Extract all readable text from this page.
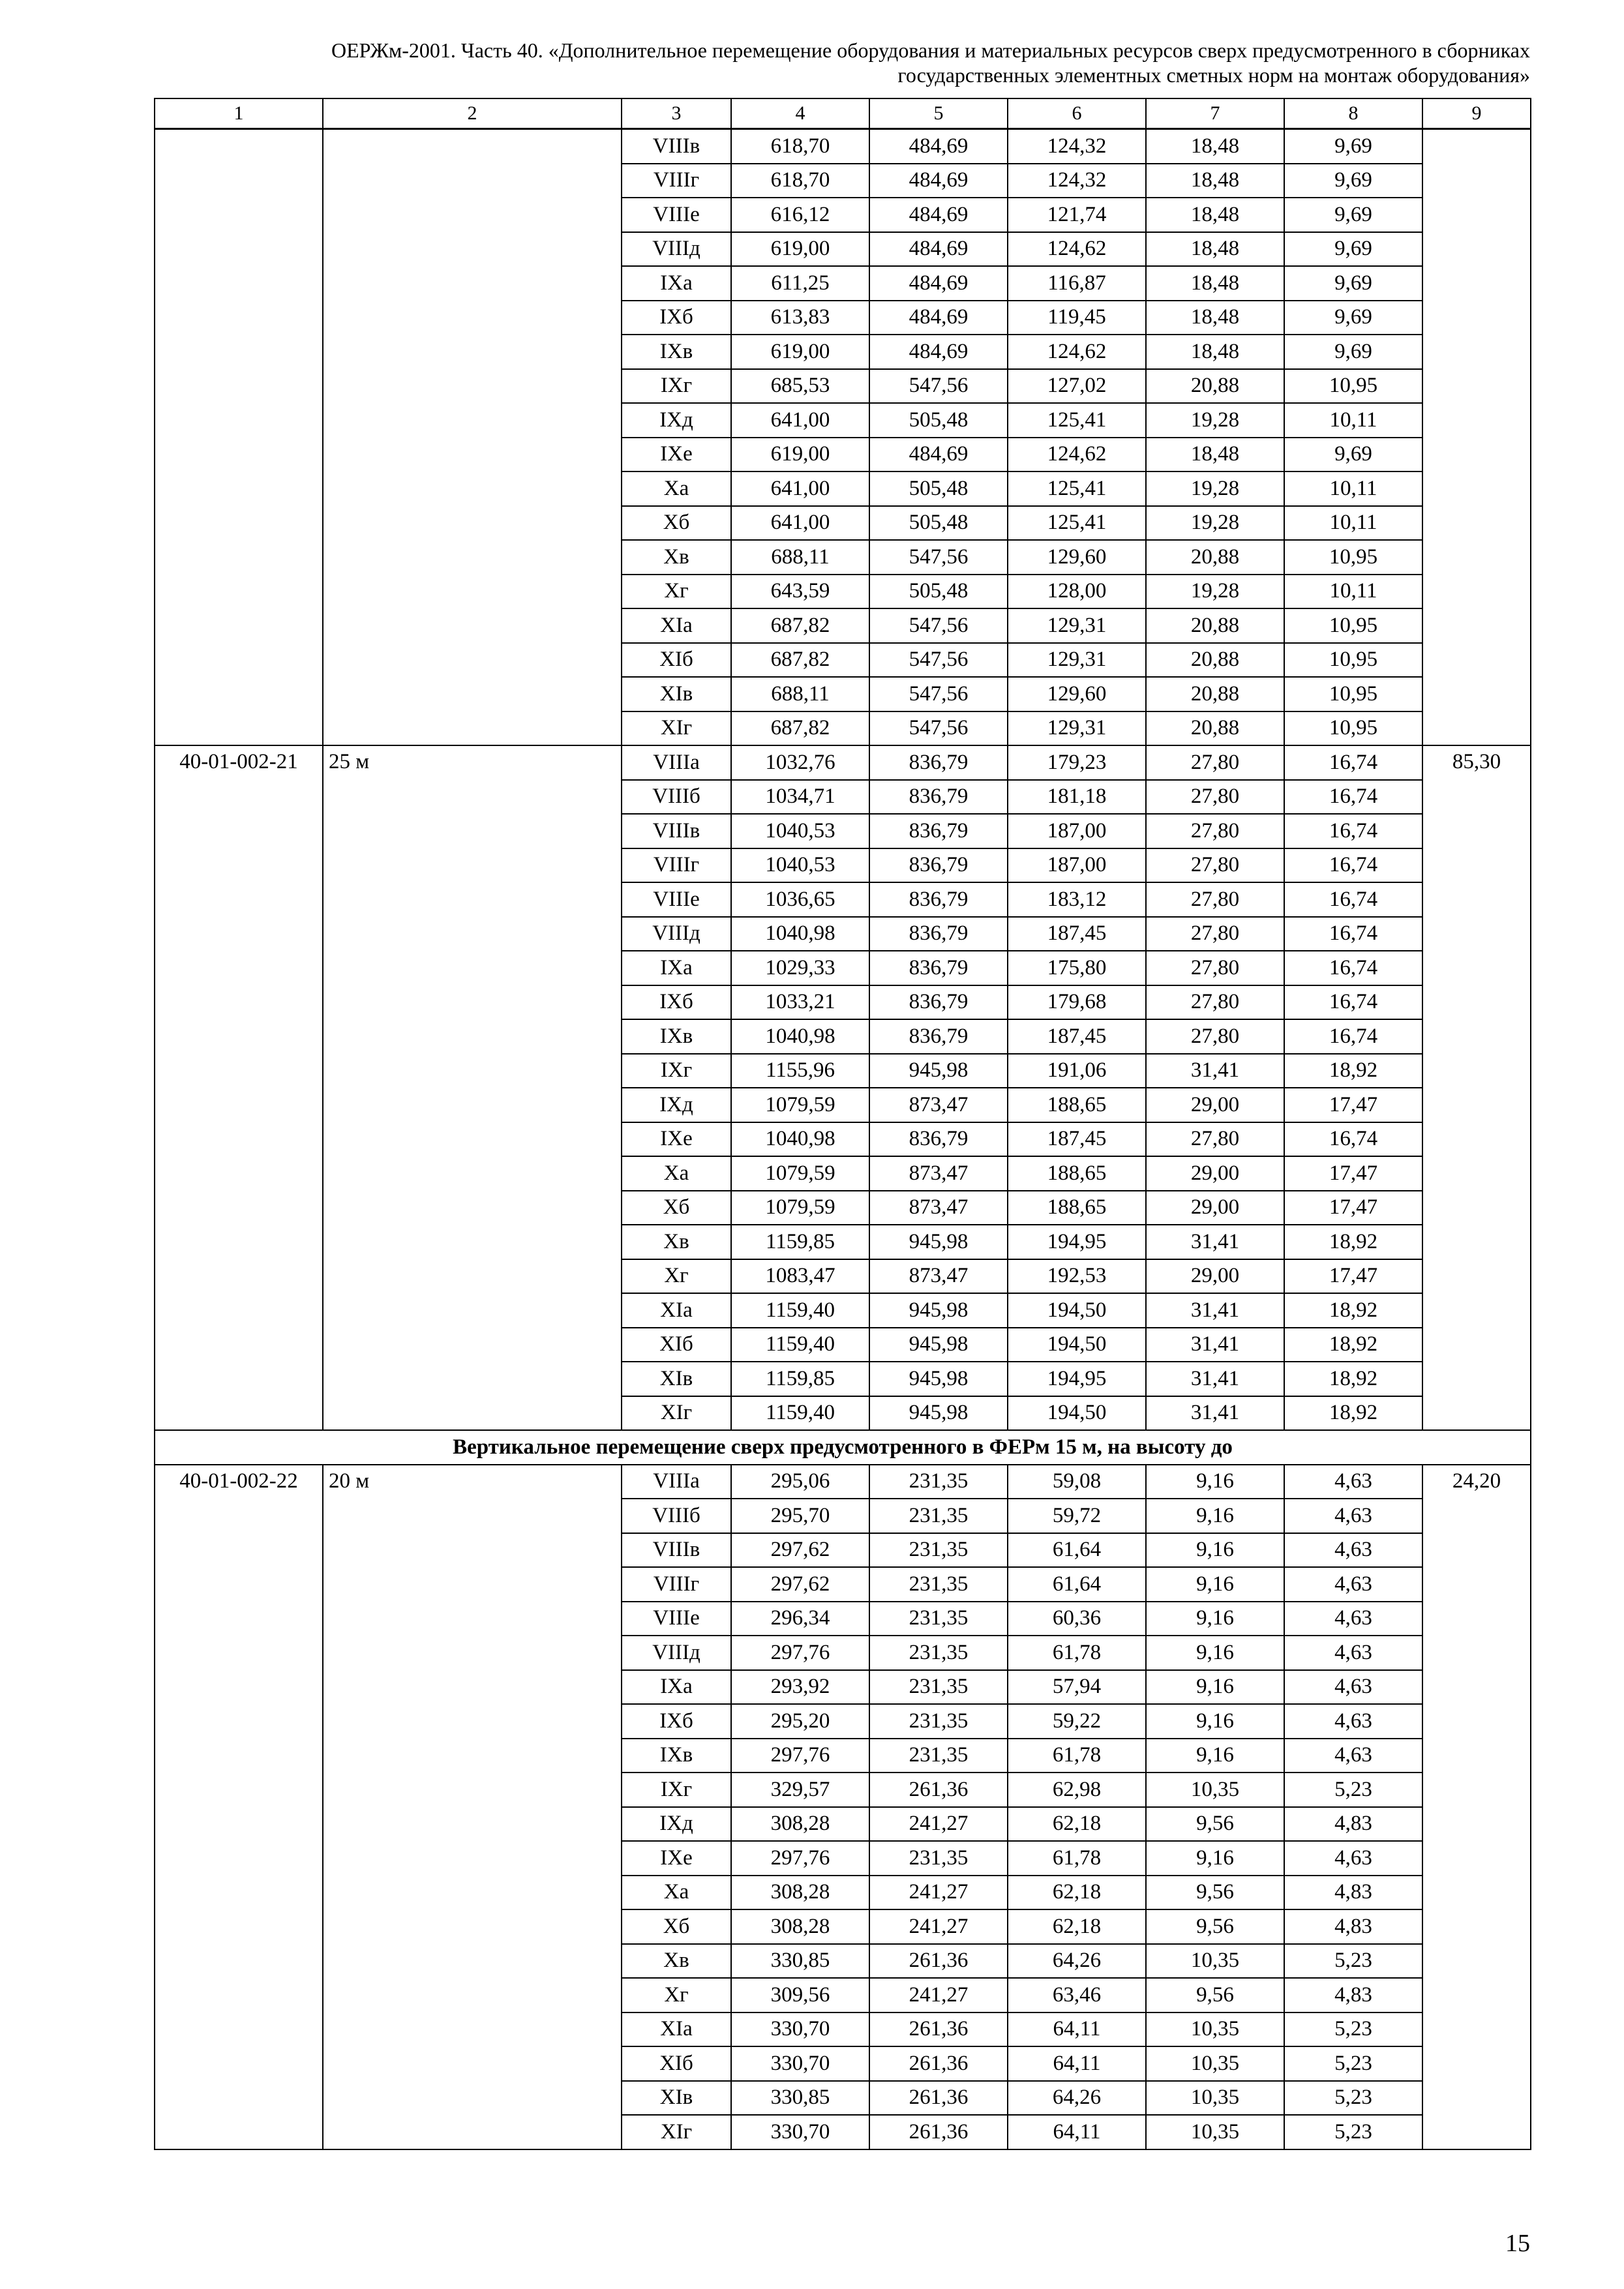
ОЕРЖм-2001. Часть 40. «Дополнительное перемещение оборудования и материальных ресурсов сверх предусмотренного в сборниках
государственных элементных сметных норм на монтаж оборудования»
1	2	3	4	5	6	7	8	9
		VIIIв	618,70	484,69	124,32	18,48	9,69	
		VIIIг	618,70	484,69	124,32	18,48	9,69	
		VIIIе	616,12	484,69	121,74	18,48	9,69	
		VIIIд	619,00	484,69	124,62	18,48	9,69	
		IXа	611,25	484,69	116,87	18,48	9,69	
		IXб	613,83	484,69	119,45	18,48	9,69	
		IXв	619,00	484,69	124,62	18,48	9,69	
		IXг	685,53	547,56	127,02	20,88	10,95	
		IXд	641,00	505,48	125,41	19,28	10,11	
		IXе	619,00	484,69	124,62	18,48	9,69	
		Xа	641,00	505,48	125,41	19,28	10,11	
		Xб	641,00	505,48	125,41	19,28	10,11	
		Xв	688,11	547,56	129,60	20,88	10,95	
		Xг	643,59	505,48	128,00	19,28	10,11	
		XIа	687,82	547,56	129,31	20,88	10,95	
		XIб	687,82	547,56	129,31	20,88	10,95	
		XIв	688,11	547,56	129,60	20,88	10,95	
		XIг	687,82	547,56	129,31	20,88	10,95	
40-01-002-21	25 м	VIIIа	1032,76	836,79	179,23	27,80	16,74	85,30
		VIIIб	1034,71	836,79	181,18	27,80	16,74	
		VIIIв	1040,53	836,79	187,00	27,80	16,74	
		VIIIг	1040,53	836,79	187,00	27,80	16,74	
		VIIIе	1036,65	836,79	183,12	27,80	16,74	
		VIIIд	1040,98	836,79	187,45	27,80	16,74	
		IXа	1029,33	836,79	175,80	27,80	16,74	
		IXб	1033,21	836,79	179,68	27,80	16,74	
		IXв	1040,98	836,79	187,45	27,80	16,74	
		IXг	1155,96	945,98	191,06	31,41	18,92	
		IXд	1079,59	873,47	188,65	29,00	17,47	
		IXе	1040,98	836,79	187,45	27,80	16,74	
		Xа	1079,59	873,47	188,65	29,00	17,47	
		Xб	1079,59	873,47	188,65	29,00	17,47	
		Xв	1159,85	945,98	194,95	31,41	18,92	
		Xг	1083,47	873,47	192,53	29,00	17,47	
		XIа	1159,40	945,98	194,50	31,41	18,92	
		XIб	1159,40	945,98	194,50	31,41	18,92	
		XIв	1159,85	945,98	194,95	31,41	18,92	
		XIг	1159,40	945,98	194,50	31,41	18,92	
Вертикальное перемещение сверх предусмотренного в ФЕРм 15 м, на высоту до								
40-01-002-22	20 м	VIIIа	295,06	231,35	59,08	9,16	4,63	24,20
		VIIIб	295,70	231,35	59,72	9,16	4,63	
		VIIIв	297,62	231,35	61,64	9,16	4,63	
		VIIIг	297,62	231,35	61,64	9,16	4,63	
		VIIIе	296,34	231,35	60,36	9,16	4,63	
		VIIIд	297,76	231,35	61,78	9,16	4,63	
		IXа	293,92	231,35	57,94	9,16	4,63	
		IXб	295,20	231,35	59,22	9,16	4,63	
		IXв	297,76	231,35	61,78	9,16	4,63	
		IXг	329,57	261,36	62,98	10,35	5,23	
		IXд	308,28	241,27	62,18	9,56	4,83	
		IXе	297,76	231,35	61,78	9,16	4,63	
		Xа	308,28	241,27	62,18	9,56	4,83	
		Xб	308,28	241,27	62,18	9,56	4,83	
		Xв	330,85	261,36	64,26	10,35	5,23	
		Xг	309,56	241,27	63,46	9,56	4,83	
		XIа	330,70	261,36	64,11	10,35	5,23	
		XIб	330,70	261,36	64,11	10,35	5,23	
		XIв	330,85	261,36	64,26	10,35	5,23	
		XIг	330,70	261,36	64,11	10,35	5,23	
15
